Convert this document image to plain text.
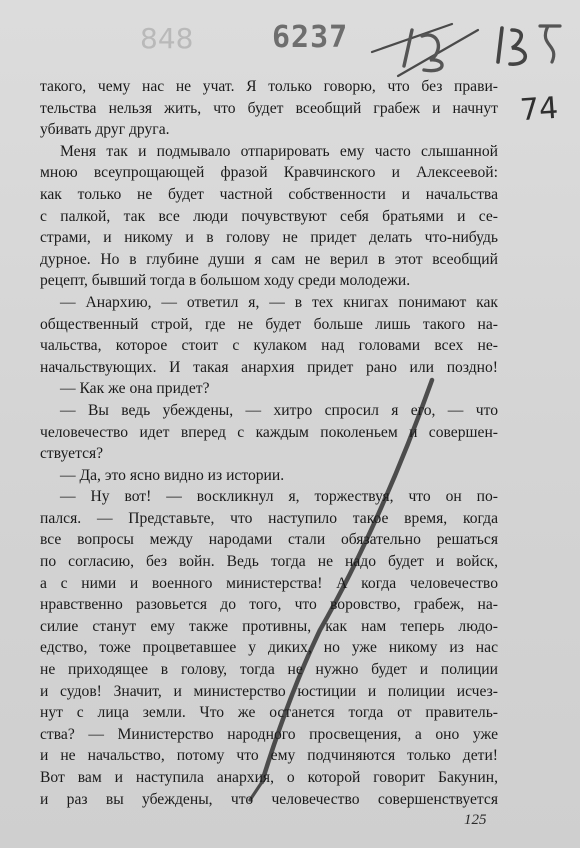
848	6237
74
такого, чему нас не учат. Я только говорю, что без прави-
тельства нельзя жить, что будет всеобщий грабеж и начнут
убивать друг друга.
Меня так и подмывало отпарировать ему часто слышанной
мною всеупрощающей фразой Кравчинского и Алексеевой:
как только не будет частной собственности и начальства
с палкой, так все люди почувствуют себя братьями и се-
страми, и никому и в голову не придет делать что-нибудь
дурное. Но в глубине души я сам не верил в этот всеобщий
рецепт, бывший тогда в большом ходу среди молодежи.
— Анархию, — ответил я, — в тех книгах понимают как
общественный строй, где не будет больше лишь такого на-
чальства, которое стоит с кулаком над головами всех не-
начальствующих. И такая анархия придет рано или поздно!
— Как же она придет?
— Вы ведь убеждены, — хитро спросил я его, — что
человечество идет вперед с каждым поколеньем и совершен-
ствуется?
— Да, это ясно видно из истории.
— Ну вот! — воскликнул я, торжествуя, что он по-
пался. — Представьте, что наступило такое время, когда
все вопросы между народами стали обязательно решаться
по согласию, без войн. Ведь тогда не надо будет и войск,
а с ними и военного министерства! А когда человечество
нравственно разовьется до того, что воровство, грабеж, на-
силие станут ему также противны, как нам теперь людо-
едство, тоже процветавшее у диких, но уже никому из нас
не приходящее в голову, тогда не нужно будет и полиции
и судов! Значит, и министерство юстиции и полиции исчез-
нут с лица земли. Что же останется тогда от правитель-
ства? — Министерство народного просвещения, а оно уже
и не начальство, потому что ему подчиняются только дети!
Вот вам и наступила анархия, о которой говорит Бакунин,
и раз вы убеждены, что человечество совершенствуется
125
